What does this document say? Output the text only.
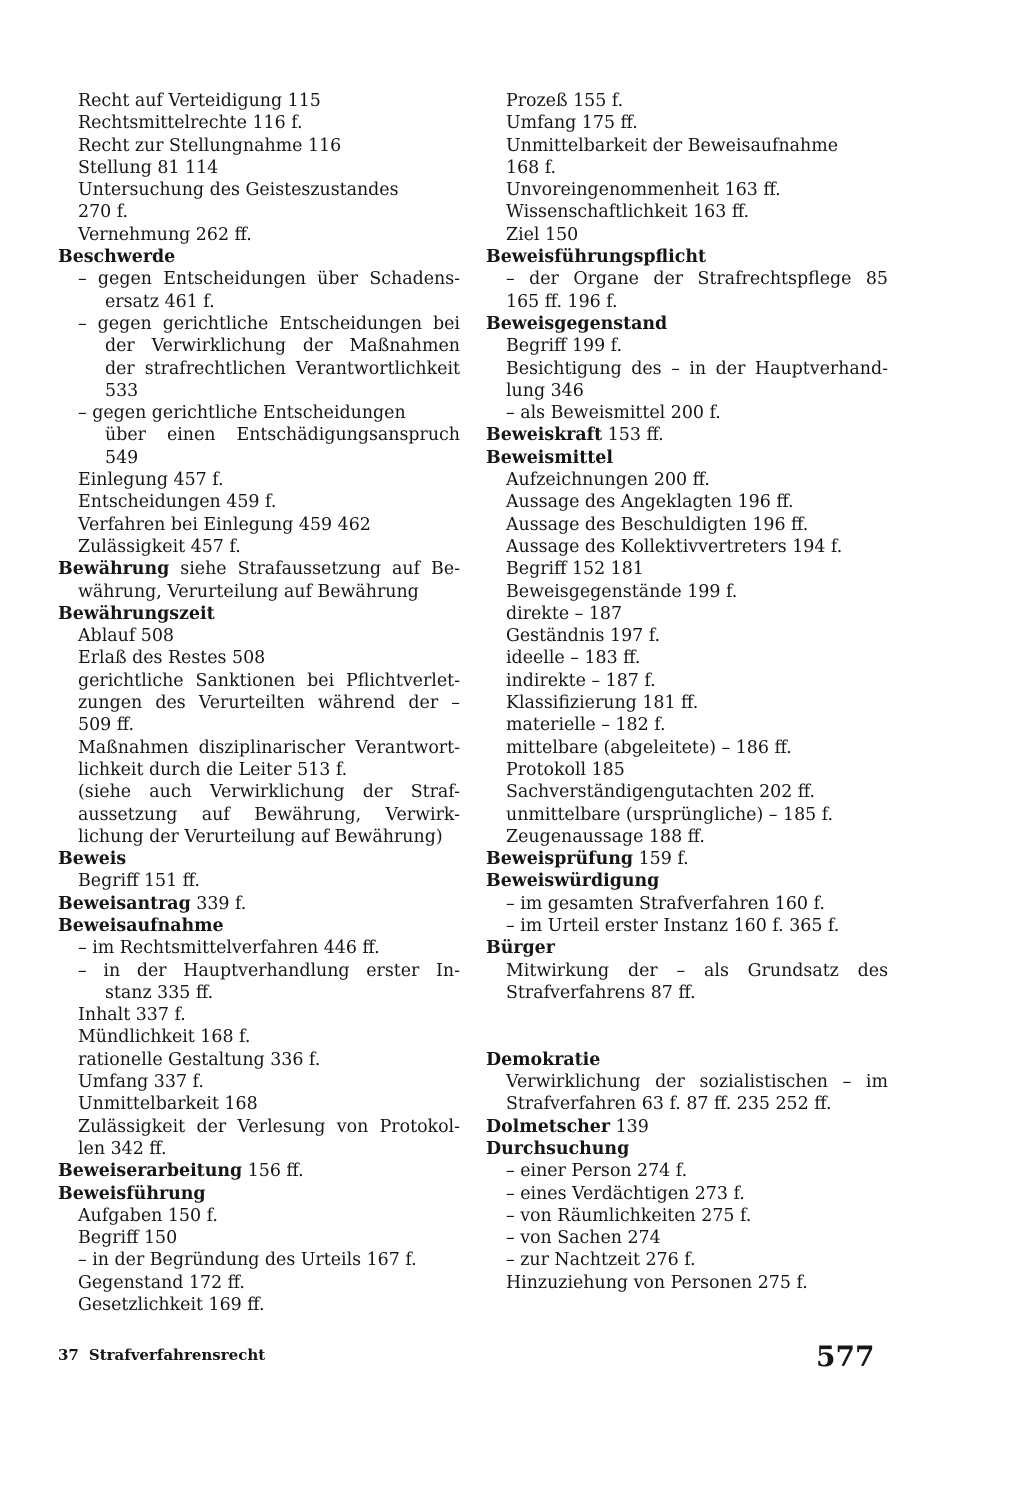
Recht auf Verteidigung 115
Rechtsmittelrechte 116 f.
Recht zur Stellungnahme 116
Stellung 81 114
Untersuchung des Geisteszustandes
270 f.
Vernehmung 262 ff.
Beschwerde
– gegen Entscheidungen über Schadens-
ersatz 461 f.
– gegen gerichtliche Entscheidungen bei
der Verwirklichung der Maßnahmen
der strafrechtlichen Verantwortlichkeit
533
– gegen gerichtliche Entscheidungen
über einen Entschädigungsanspruch
549
Einlegung 457 f.
Entscheidungen 459 f.
Verfahren bei Einlegung 459 462
Zulässigkeit 457 f.
Bewährung siehe Strafaussetzung auf Be-
währung, Verurteilung auf Bewährung
Bewährungszeit
Ablauf 508
Erlaß des Restes 508
gerichtliche Sanktionen bei Pflichtverlet-
zungen des Verurteilten während der –
509 ff.
Maßnahmen disziplinarischer Verantwort-
lichkeit durch die Leiter 513 f.
(siehe auch Verwirklichung der Straf-
aussetzung auf Bewährung, Verwirk-
lichung der Verurteilung auf Bewährung)
Beweis
Begriff 151 ff.
Beweisantrag 339 f.
Beweisaufnahme
– im Rechtsmittelverfahren 446 ff.
– in der Hauptverhandlung erster In-
stanz 335 ff.
Inhalt 337 f.
Mündlichkeit 168 f.
rationelle Gestaltung 336 f.
Umfang 337 f.
Unmittelbarkeit 168
Zulässigkeit der Verlesung von Protokol-
len 342 ff.
Beweiserarbeitung 156 ff.
Beweisführung
Aufgaben 150 f.
Begriff 150
– in der Begründung des Urteils 167 f.
Gegenstand 172 ff.
Gesetzlichkeit 169 ff.
Prozeß 155 f.
Umfang 175 ff.
Unmittelbarkeit der Beweisaufnahme
168 f.
Unvoreingenommenheit 163 ff.
Wissenschaftlichkeit 163 ff.
Ziel 150
Beweisführungspflicht
– der Organe der Strafrechtspflege 85
165 ff. 196 f.
Beweisgegenstand
Begriff 199 f.
Besichtigung des – in der Hauptverhand-
lung 346
– als Beweismittel 200 f.
Beweiskraft 153 ff.
Beweismittel
Aufzeichnungen 200 ff.
Aussage des Angeklagten 196 ff.
Aussage des Beschuldigten 196 ff.
Aussage des Kollektivvertreters 194 f.
Begriff 152 181
Beweisgegenstände 199 f.
direkte – 187
Geständnis 197 f.
ideelle – 183 ff.
indirekte – 187 f.
Klassifizierung 181 ff.
materielle – 182 f.
mittelbare (abgeleitete) – 186 ff.
Protokoll 185
Sachverständigengutachten 202 ff.
unmittelbare (ursprüngliche) – 185 f.
Zeugenaussage 188 ff.
Beweisprüfung 159 f.
Beweiswürdigung
– im gesamten Strafverfahren 160 f.
– im Urteil erster Instanz 160 f. 365 f.
Bürger
Mitwirkung der – als Grundsatz des
Strafverfahrens 87 ff.
Demokratie
Verwirklichung der sozialistischen – im
Strafverfahren 63 f. 87 ff. 235 252 ff.
Dolmetscher 139
Durchsuchung
– einer Person 274 f.
– eines Verdächtigen 273 f.
– von Räumlichkeiten 275 f.
– von Sachen 274
– zur Nachtzeit 276 f.
Hinzuziehung von Personen 275 f.
37 Strafverfahrensrecht	577
